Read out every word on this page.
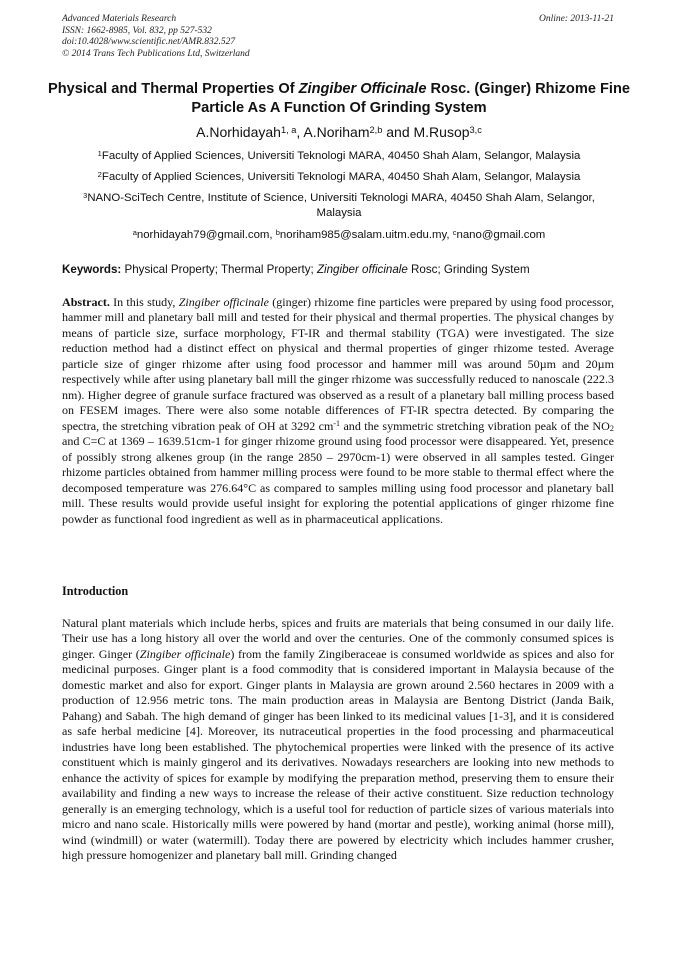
Advanced Materials Research
ISSN: 1662-8985, Vol. 832, pp 527-532
doi:10.4028/www.scientific.net/AMR.832.527
© 2014 Trans Tech Publications Ltd, Switzerland
Online: 2013-11-21
Physical and Thermal Properties Of Zingiber Officinale Rosc. (Ginger) Rhizome Fine Particle As A Function Of Grinding System
A.Norhidayah$^{1, a}$, A.Noriham$^{2,b}$ and M.Rusop$^{3,c}$
$^1$Faculty of Applied Sciences, Universiti Teknologi MARA, 40450 Shah Alam, Selangor, Malaysia
$^2$Faculty of Applied Sciences, Universiti Teknologi MARA, 40450 Shah Alam, Selangor, Malaysia
$^3$NANO-SciTech Centre, Institute of Science, Universiti Teknologi MARA, 40450 Shah Alam, Selangor, Malaysia
$^a$norhidayah79@gmail.com, $^b$noriham985@salam.uitm.edu.my, $^c$nano@gmail.com
Keywords: Physical Property; Thermal Property; Zingiber officinale Rosc; Grinding System
Abstract. In this study, Zingiber officinale (ginger) rhizome fine particles were prepared by using food processor, hammer mill and planetary ball mill and tested for their physical and thermal properties. The physical changes by means of particle size, surface morphology, FT-IR and thermal stability (TGA) were investigated. The size reduction method had a distinct effect on physical and thermal properties of ginger rhizome tested. Average particle size of ginger rhizome after using food processor and hammer mill was around 50µm and 20µm respectively while after using planetary ball mill the ginger rhizome was successfully reduced to nanoscale (222.3 nm). Higher degree of granule surface fractured was observed as a result of a planetary ball milling process based on FESEM images. There were also some notable differences of FT-IR spectra detected. By comparing the spectra, the stretching vibration peak of OH at 3292 $cm^{-1}$ and the symmetric stretching vibration peak of the $NO_2$ and C=C at 1369 – 1639.51cm-1 for ginger rhizome ground using food processor were disappeared. Yet, presence of possibly strong alkenes group (in the range 2850 – 2970cm-1) were observed in all samples tested. Ginger rhizome particles obtained from hammer milling process were found to be more stable to thermal effect where the decomposed temperature was 276.64°C as compared to samples milling using food processor and planetary ball mill. These results would provide useful insight for exploring the potential applications of ginger rhizome fine powder as functional food ingredient as well as in pharmaceutical applications.
Introduction
Natural plant materials which include herbs, spices and fruits are materials that being consumed in our daily life. Their use has a long history all over the world and over the centuries. One of the commonly consumed spices is ginger. Ginger (Zingiber officinale) from the family Zingiberaceae is consumed worldwide as spices and also for medicinal purposes. Ginger plant is a food commodity that is considered important in Malaysia because of the domestic market and also for export. Ginger plants in Malaysia are grown around 2.560 hectares in 2009 with a production of 12.956 metric tons. The main production areas in Malaysia are Bentong District (Janda Baik, Pahang) and Sabah. The high demand of ginger has been linked to its medicinal values [1-3], and it is considered as safe herbal medicine [4]. Moreover, its nutraceutical properties in the food processing and pharmaceutical industries have long been established. The phytochemical properties were linked with the presence of its active constituent which is mainly gingerol and its derivatives. Nowadays researchers are looking into new methods to enhance the activity of spices for example by modifying the preparation method, preserving them to ensure their availability and finding a new ways to increase the release of their active constituent. Size reduction technology generally is an emerging technology, which is a useful tool for reduction of particle sizes of various materials into micro and nano scale. Historically mills were powered by hand (mortar and pestle), working animal (horse mill), wind (windmill) or water (watermill). Today there are powered by electricity which includes hammer crusher, high pressure homogenizer and planetary ball mill. Grinding changed
